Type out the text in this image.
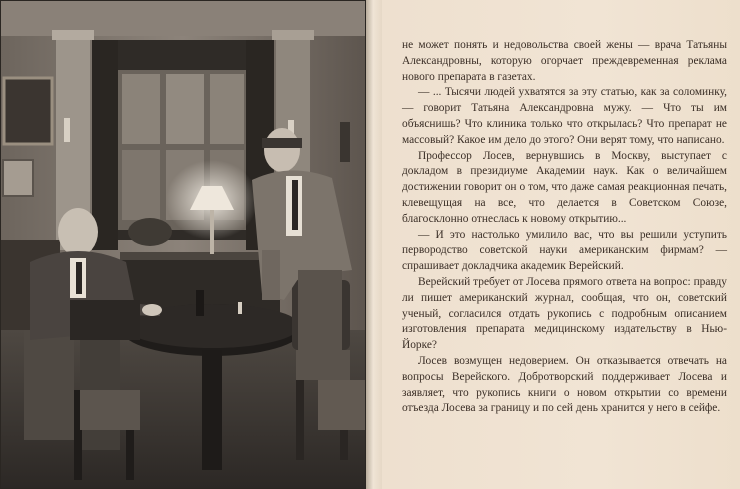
не может понять и недовольства своей жены — врача Татьяны Александровны, которую огорчает преждевременная реклама нового препарата в газетах.

— ... Тысячи людей ухватятся за эту статью, как за соломинку, — говорит Татьяна Александровна мужу. — Что ты им объяснишь? Что клиника только что открылась? Что препарат не массовый? Какое им дело до этого? Они верят тому, что написано.

Профессор Лосев, вернувшись в Москву, выступает с докладом в президиуме Академии наук. Как о величайшем достижении говорит он о том, что даже самая реакционная печать, клевещущая на все, что делается в Советском Союзе, благосклонно отнеслась к новому открытию...

— И это настолько умилило вас, что вы решили уступить первородство советской науки американским фирмам? — спрашивает докладчика академик Верейский.

Верейский требует от Лосева прямого ответа на вопрос: правду ли пишет американский журнал, сообщая, что он, советский ученый, согласился отдать рукопись с подробным описанием изготовления препарата медицинскому издательству в Нью-Йорке?

Лосев возмущен недоверием. Он отказывается отвечать на вопросы Верейского. Добротворский поддерживает Лосева и заявляет, что рукопись книги о новом открытии со времени отъезда Лосева за границу и по сей день хранится у него в сейфе.
